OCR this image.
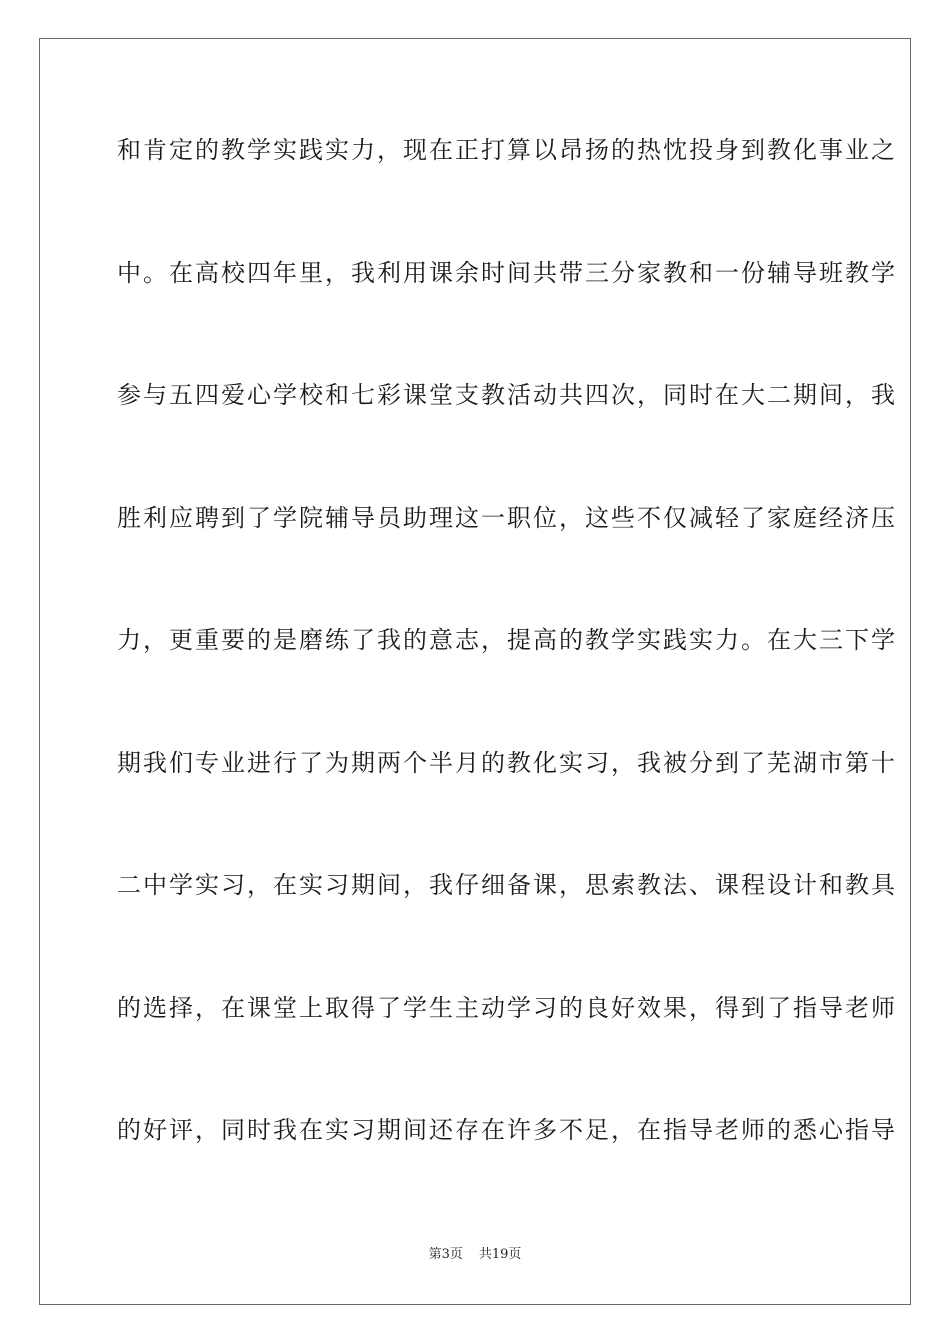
和肯定的教学实践实力，现在正打算以昂扬的热忱投身到教化事业之
中。在高校四年里，我利用课余时间共带三分家教和一份辅导班教学
参与五四爱心学校和七彩课堂支教活动共四次，同时在大二期间，我
胜利应聘到了学院辅导员助理这一职位，这些不仅减轻了家庭经济压
力，更重要的是磨练了我的意志，提高的教学实践实力。在大三下学
期我们专业进行了为期两个半月的教化实习，我被分到了芜湖市第十
二中学实习，在实习期间，我仔细备课，思索教法、课程设计和教具
的选择，在课堂上取得了学生主动学习的良好效果，得到了指导老师
的好评，同时我在实习期间还存在许多不足，在指导老师的悉心指导
第3页 共19页
